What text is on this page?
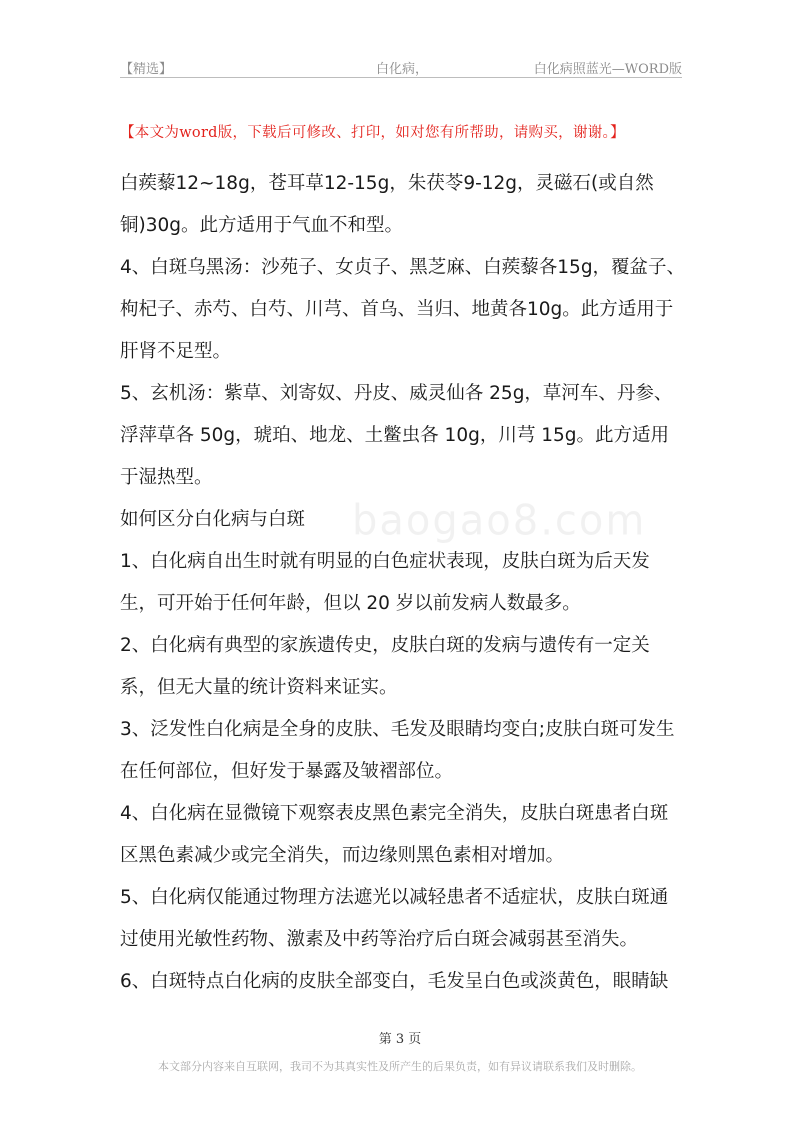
【精选】	白化病，	白化病照蓝光—WORD版
【本文为word版，下载后可修改、打印，如对您有所帮助，请购买，谢谢。】
baogao8.com

白蒺藜12~18g，苍耳草12-15g，朱茯苓9-12g，灵磁石(或自然铜)30g。此方适用于气血不和型。

4、白斑乌黑汤：沙苑子、女贞子、黑芝麻、白蒺藜各15g，覆盆子、枸杞子、赤芍、白芍、川芎、首乌、当归、地黄各10g。此方适用于肝肾不足型。

5、玄机汤：紫草、刘寄奴、丹皮、威灵仙各 25g，草河车、丹参、浮萍草各 50g，琥珀、地龙、土鳖虫各 10g，川芎 15g。此方适用于湿热型。

如何区分白化病与白斑

1、白化病自出生时就有明显的白色症状表现，皮肤白斑为后天发生，可开始于任何年龄，但以 20 岁以前发病人数最多。

2、白化病有典型的家族遗传史，皮肤白斑的发病与遗传有一定关系，但无大量的统计资料来证实。

3、泛发性白化病是全身的皮肤、毛发及眼睛均变白;皮肤白斑可发生在任何部位，但好发于暴露及皱褶部位。

4、白化病在显微镜下观察表皮黑色素完全消失，皮肤白斑患者白斑区黑色素减少或完全消失，而边缘则黑色素相对增加。

5、白化病仅能通过物理方法遮光以减轻患者不适症状，皮肤白斑通过使用光敏性药物、激素及中药等治疗后白斑会减弱甚至消失。

6、白斑特点白化病的皮肤全部变白，毛发呈白色或淡黄色，眼睛缺

第 3 页
本文部分内容来自互联网，我司不为其真实性及所产生的后果负责，如有异议请联系我们及时删除。
